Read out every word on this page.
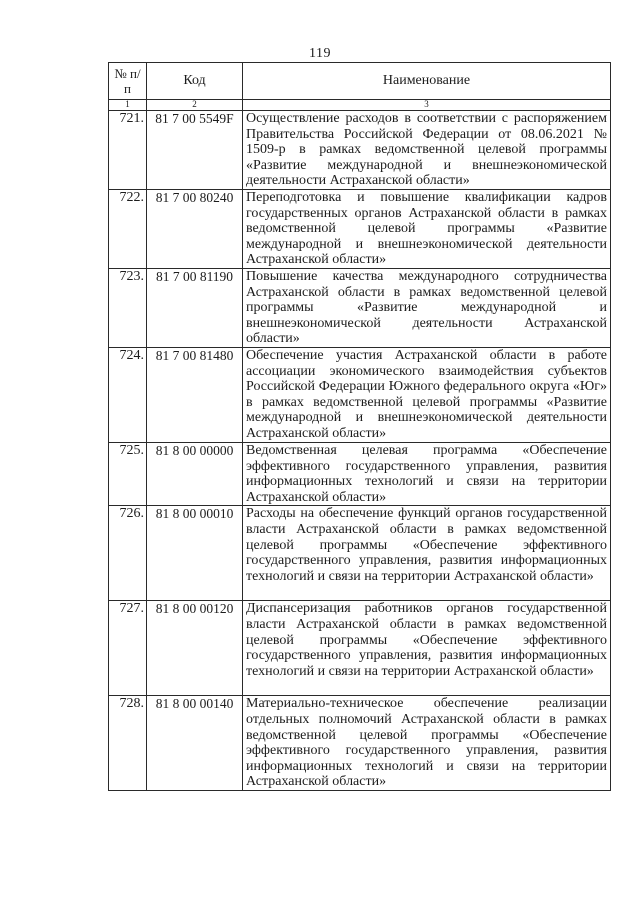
119
№ п/п	Код	Наименование
1	2	3
721.	81 7 00 5549F	Осуществление расходов в соответствии с распоряжением Правительства Российской Федерации от 08.06.2021 № 1509-р в рамках ведомственной целевой программы «Развитие международной и внешнеэкономической деятельности Астраханской области»
722.	81 7 00 80240	Переподготовка и повышение квалификации кадров государственных органов Астраханской области в рамках ведомственной целевой программы «Развитие международной и внешнеэкономической деятельности Астраханской области»
723.	81 7 00 81190	Повышение качества международного сотрудничества Астраханской области в рамках ведомственной целевой программы «Развитие международной и внешнеэкономической деятельности Астраханской области»
724.	81 7 00 81480	Обеспечение участия Астраханской области в работе ассоциации экономического взаимодействия субъектов Российской Федерации Южного федерального округа «Юг» в рамках ведомственной целевой программы «Развитие международной и внешнеэкономической деятельности Астраханской области»
725.	81 8 00 00000	Ведомственная целевая программа «Обеспечение эффективного государственного управления, развития информационных технологий и связи на территории Астраханской области»
726.	81 8 00 00010	Расходы на обеспечение функций органов государственной власти Астраханской области в рамках ведомственной целевой программы «Обеспечение эффективного государственного управления, развития информационных технологий и связи на территории Астраханской области»
727.	81 8 00 00120	Диспансеризация работников органов государственной власти Астраханской области в рамках ведомственной целевой программы «Обеспечение эффективного государственного управления, развития информационных технологий и связи на территории Астраханской области»
728.	81 8 00 00140	Материально-техническое обеспечение реализации отдельных полномочий Астраханской области в рамках ведомственной целевой программы «Обеспечение эффективного государственного управления, развития информационных технологий и связи на территории Астраханской области»
